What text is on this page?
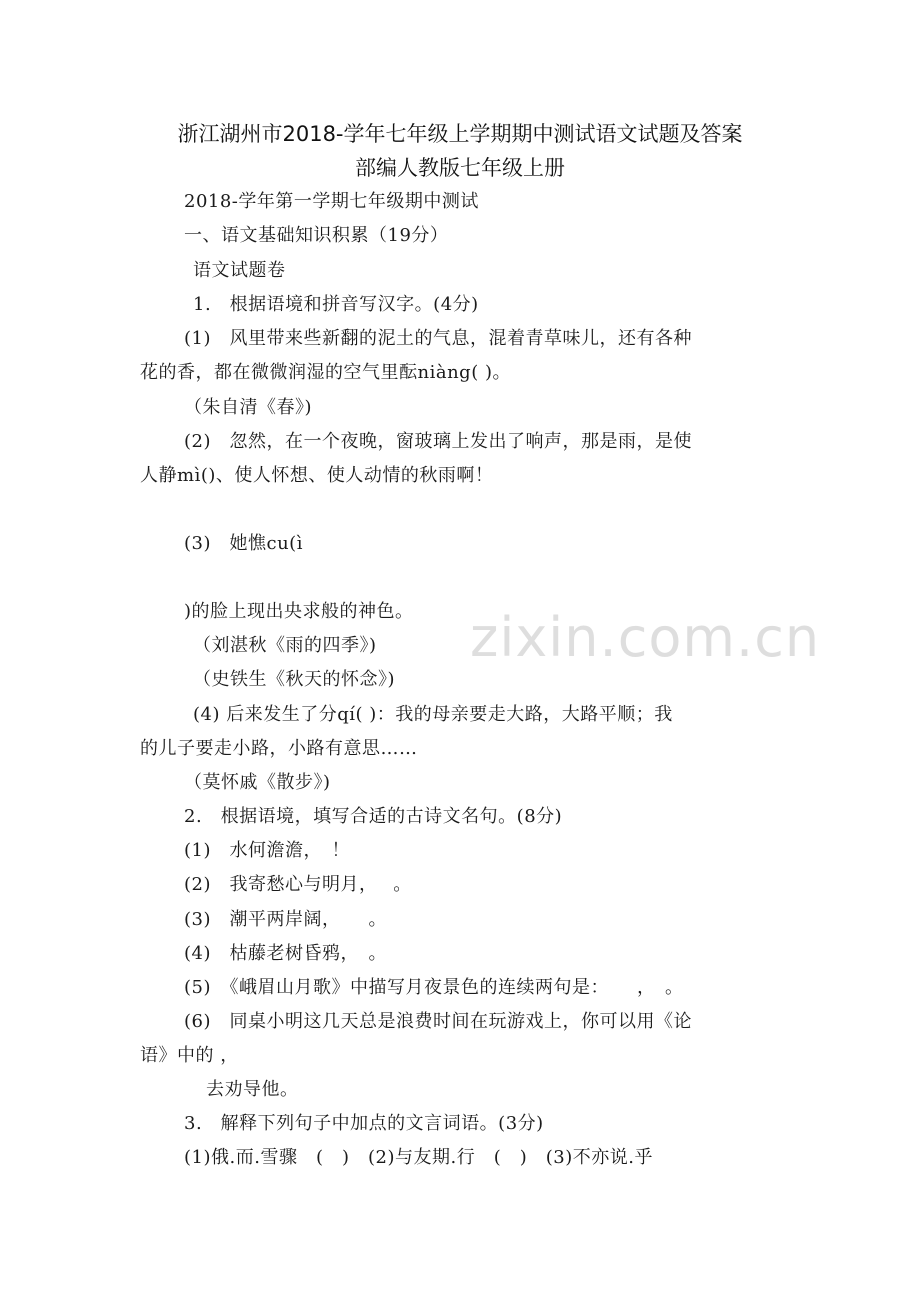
浙江湖州市2018-学年七年级上学期期中测试语文试题及答案
部编人教版七年级上册
2018-学年第一学期七年级期中测试
一、语文基础知识积累（19分）
语文试题卷
1.　根据语境和拼音写汉字。(4分)
(1)　风里带来些新翻的泥土的气息，混着青草味儿，还有各种
花的香，都在微微润湿的空气里酝niàng( )。
（朱自清《春》)
(2)　忽然，在一个夜晚，窗玻璃上发出了响声，那是雨，是使
人静mì()、使人怀想、使人动情的秋雨啊！
(3)　她憔cu(ì
)的脸上现出央求般的神色。
（刘湛秋《雨的四季》)
（史铁生《秋天的怀念》)
(4) 后来发生了分qí( )：我的母亲要走大路，大路平顺；我
的儿子要走小路，小路有意思……
（莫怀戚《散步》)
2.　根据语境，填写合适的古诗文名句。(8分)
(1)　水何澹澹，　！
(2)　我寄愁心与明月，　 。
(3)　潮平两岸阔，　　。
(4)　枯藤老树昏鸦，　。
(5)　《峨眉山月歌》中描写月夜景色的连续两句是：　　，　。
(6)　同桌小明这几天总是浪费时间在玩游戏上，你可以用《论
语》中的 ，
去劝导他。
3.　解释下列句子中加点的文言词语。(3分)
(1)俄.而.雪骤　(　)　(2)与友期.行　(　)　(3)不亦说.乎
zixin.com.cn
